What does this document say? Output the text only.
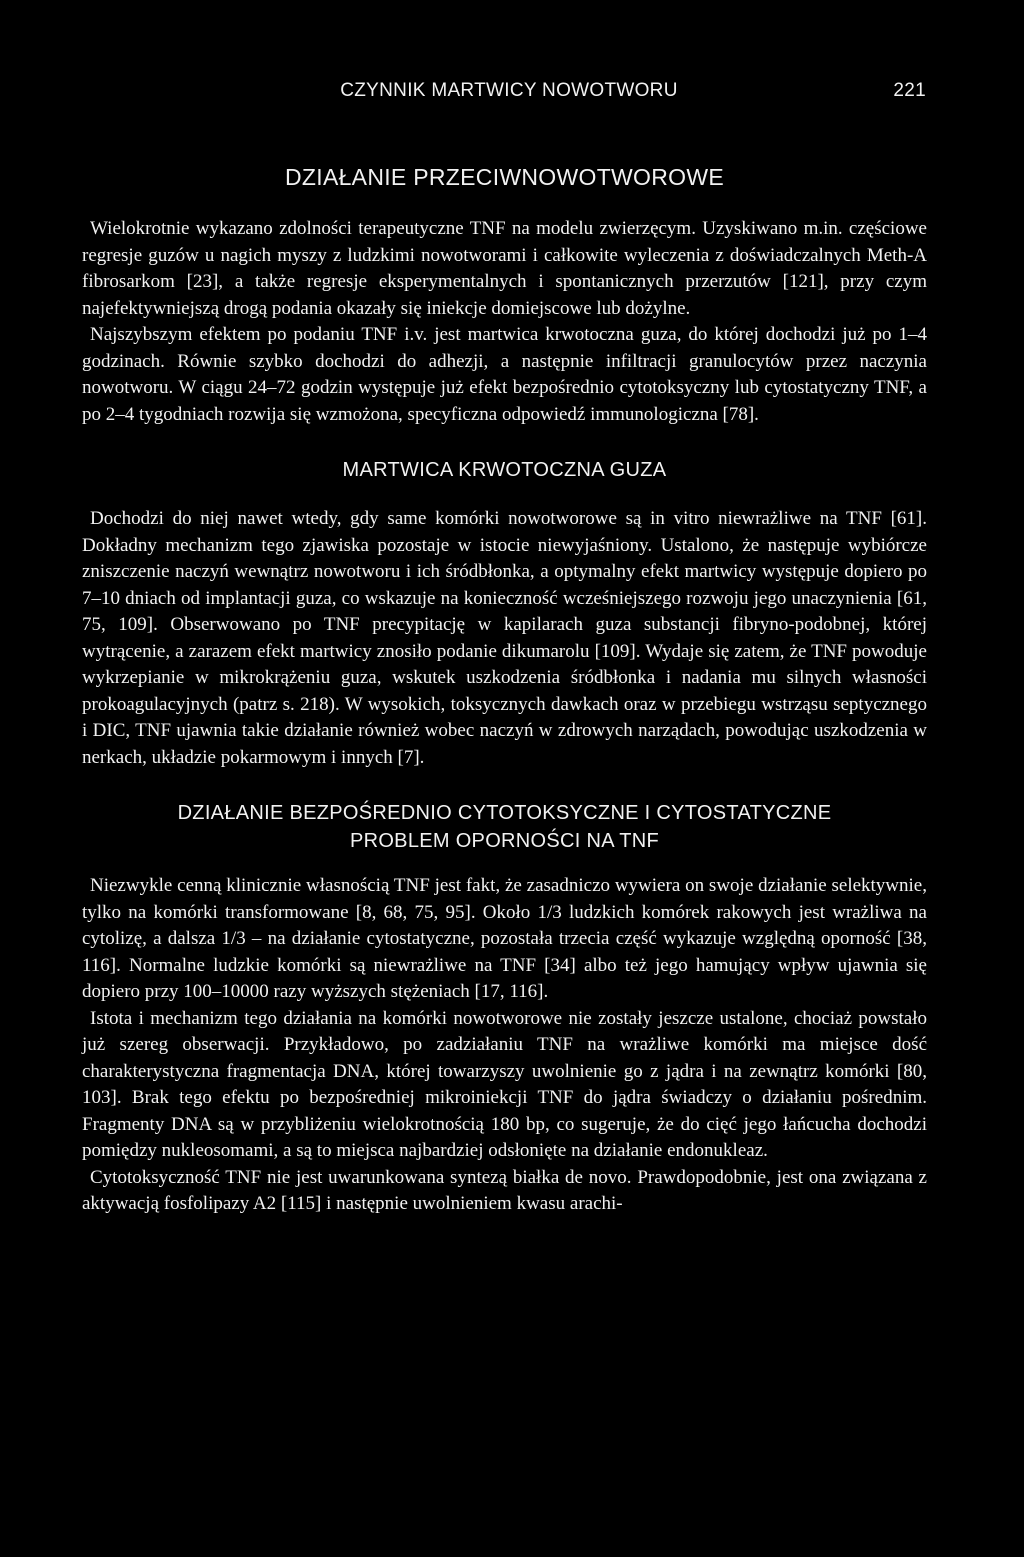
CZYNNIK MARTWICY NOWOTWORU	221
DZIAŁANIE PRZECIWNOWOTWOROWE

Wielokrotnie wykazano zdolności terapeutyczne TNF na modelu zwierzęcym. Uzyskiwano m.in. częściowe regresje guzów u nagich myszy z ludzkimi nowotworami i całkowite wyleczenia z doświadczalnych Meth-A fibrosarkom [23], a także regresje eksperymentalnych i spontanicznych przerzutów [121], przy czym najefektywniejszą drogą podania okazały się iniekcje domiejscowe lub dożylne.

Najszybszym efektem po podaniu TNF i.v. jest martwica krwotoczna guza, do której dochodzi już po 1–4 godzinach. Równie szybko dochodzi do adhezji, a następnie infiltracji granulocytów przez naczynia nowotworu. W ciągu 24–72 godzin występuje już efekt bezpośrednio cytotoksyczny lub cytostatyczny TNF, a po 2–4 tygodniach rozwija się wzmożona, specyficzna odpowiedź immunologiczna [78].

MARTWICA KRWOTOCZNA GUZA

Dochodzi do niej nawet wtedy, gdy same komórki nowotworowe są in vitro niewrażliwe na TNF [61]. Dokładny mechanizm tego zjawiska pozostaje w istocie niewyjaśniony. Ustalono, że następuje wybiórcze zniszczenie naczyń wewnątrz nowotworu i ich śródbłonka, a optymalny efekt martwicy występuje dopiero po 7–10 dniach od implantacji guza, co wskazuje na konieczność wcześniejszego rozwoju jego unaczynienia [61, 75, 109]. Obserwowano po TNF precypitację w kapilarach guza substancji fibryno-podobnej, której wytrącenie, a zarazem efekt martwicy znosiło podanie dikumarolu [109]. Wydaje się zatem, że TNF powoduje wykrzepianie w mikrokrążeniu guza, wskutek uszkodzenia śródbłonka i nadania mu silnych własności prokoagulacyjnych (patrz s. 218). W wysokich, toksycznych dawkach oraz w przebiegu wstrząsu septycznego i DIC, TNF ujawnia takie działanie również wobec naczyń w zdrowych narządach, powodując uszkodzenia w nerkach, układzie pokarmowym i innych [7].

DZIAŁANIE BEZPOŚREDNIO CYTOTOKSYCZNE I CYTOSTATYCZNE
PROBLEM OPORNOŚCI NA TNF

Niezwykle cenną klinicznie własnością TNF jest fakt, że zasadniczo wywiera on swoje działanie selektywnie, tylko na komórki transformowane [8, 68, 75, 95]. Około 1/3 ludzkich komórek rakowych jest wrażliwa na cytolizę, a dalsza 1/3 – na działanie cytostatyczne, pozostała trzecia część wykazuje względną oporność [38, 116]. Normalne ludzkie komórki są niewrażliwe na TNF [34] albo też jego hamujący wpływ ujawnia się dopiero przy 100–10000 razy wyższych stężeniach [17, 116].

Istota i mechanizm tego działania na komórki nowotworowe nie zostały jeszcze ustalone, chociaż powstało już szereg obserwacji. Przykładowo, po zadziałaniu TNF na wrażliwe komórki ma miejsce dość charakterystyczna fragmentacja DNA, której towarzyszy uwolnienie go z jądra i na zewnątrz komórki [80, 103]. Brak tego efektu po bezpośredniej mikroiniekcji TNF do jądra świadczy o działaniu pośrednim. Fragmenty DNA są w przybliżeniu wielokrotnością 180 bp, co sugeruje, że do cięć jego łańcucha dochodzi pomiędzy nukleosomami, a są to miejsca najbardziej odsłonięte na działanie endonukleaz.

Cytotoksyczność TNF nie jest uwarunkowana syntezą białka de novo. Prawdopodobnie, jest ona związana z aktywacją fosfolipazy A2 [115] i następnie uwolnieniem kwasu arachi-
